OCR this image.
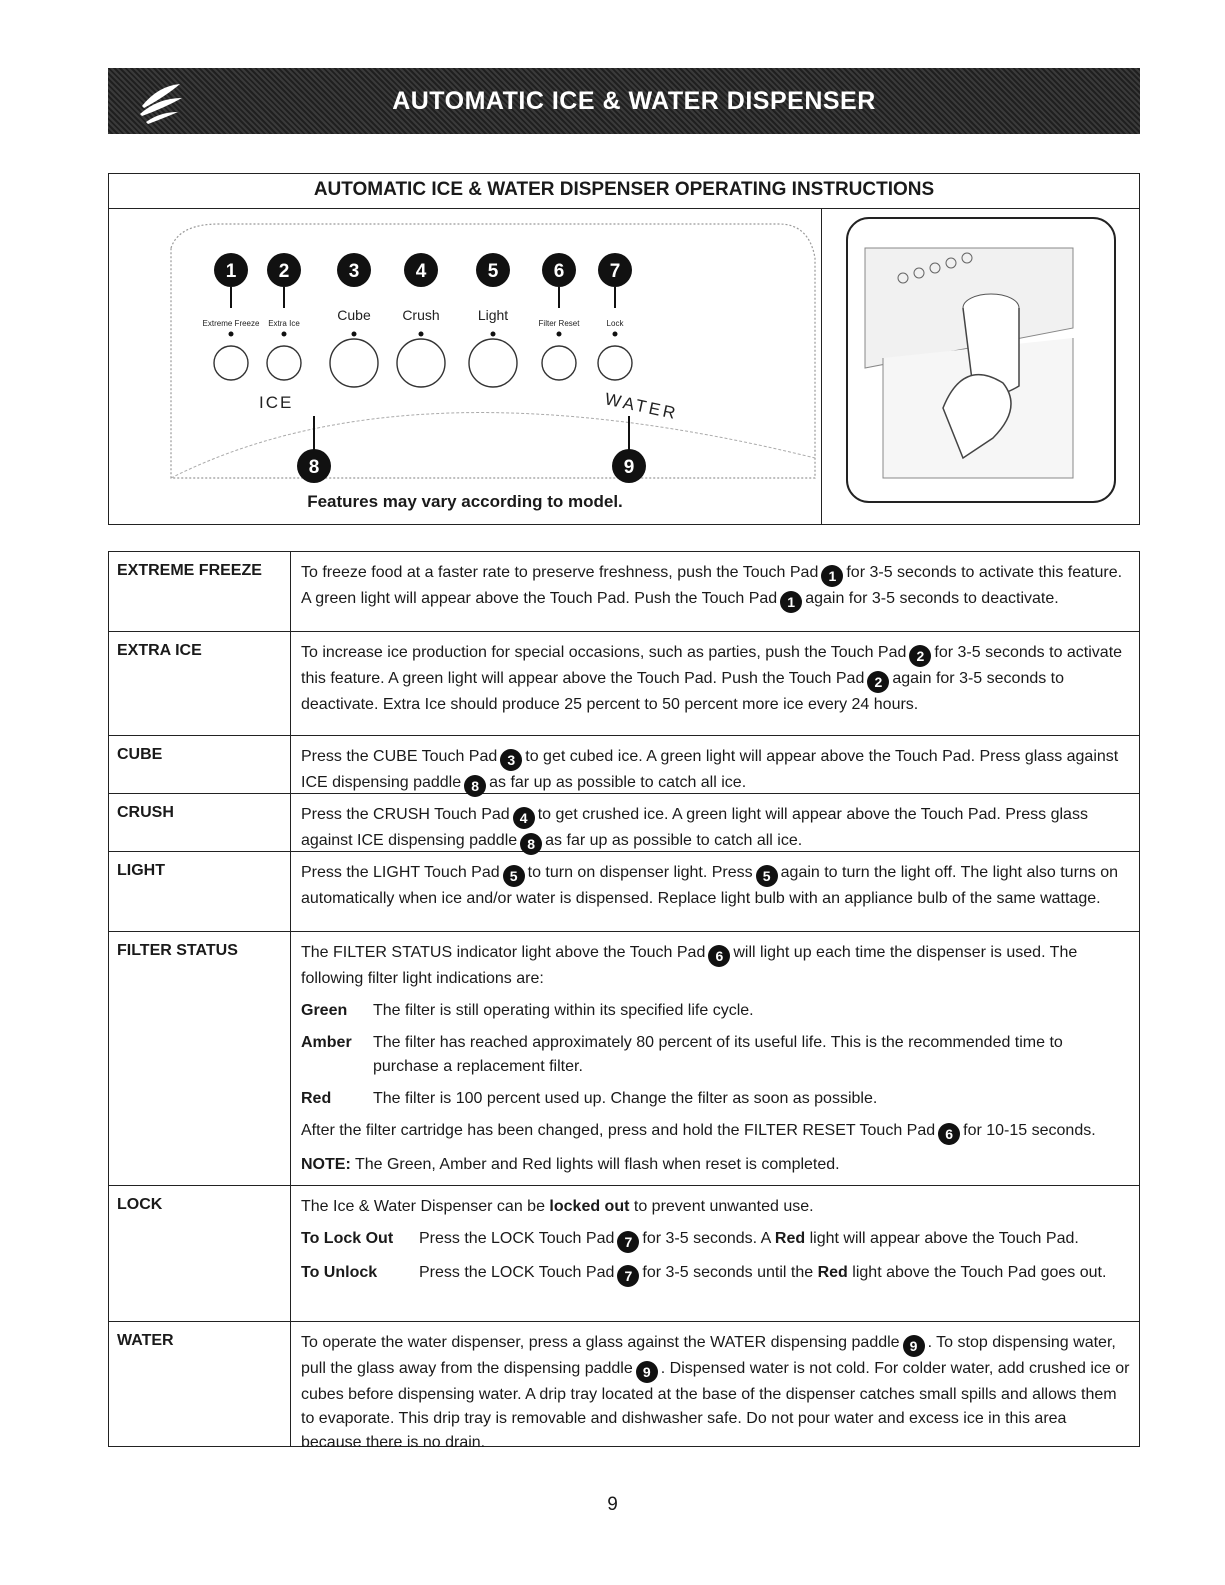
AUTOMATIC ICE & WATER DISPENSER
AUTOMATIC ICE & WATER DISPENSER OPERATING INSTRUCTIONS
1
Extreme Freeze
2
Extra Ice
3
Cube
4
Crush
5
Light
6
Filter Reset
7
Lock
ICE	WATER
8	9
Features may vary according to model.
EXTREME FREEZE	To freeze food at a faster rate to preserve freshness, push the Touch Pad 1 for 3-5 seconds to activate this feature. A green light will appear above the Touch Pad. Push the Touch Pad 1 again for 3-5 seconds to deactivate.
EXTRA ICE	To increase ice production for special occasions, such as parties, push the Touch Pad 2 for 3-5 seconds to activate this feature. A green light will appear above the Touch Pad. Push the Touch Pad 2 again for 3-5 seconds to deactivate. Extra Ice should produce 25 percent to 50 percent more ice every 24 hours.
CUBE	Press the CUBE Touch Pad 3 to get cubed ice. A green light will appear above the Touch Pad. Press glass against ICE dispensing paddle 8 as far up as possible to catch all ice.
CRUSH	Press the CRUSH Touch Pad 4 to get crushed ice. A green light will appear above the Touch Pad. Press glass against ICE dispensing paddle 8 as far up as possible to catch all ice.
LIGHT	Press the LIGHT Touch Pad 5 to turn on dispenser light. Press 5 again to turn the light off. The light also turns on automatically when ice and/or water is dispensed. Replace light bulb with an appliance bulb of the same wattage.
FILTER STATUS	The FILTER STATUS indicator light above the Touch Pad 6 will light up each time the dispenser is used. The following filter light indications are:

Green	The filter is still operating within its specified life cycle.
Amber	The filter has reached approximately 80 percent of its useful life. This is the recommended time to purchase a replacement filter.
Red	The filter is 100 percent used up. Change the filter as soon as possible.

After the filter cartridge has been changed, press and hold the FILTER RESET Touch Pad 6 for 10-15 seconds.

NOTE: The Green, Amber and Red lights will flash when reset is completed.

LOCK	The Ice & Water Dispenser can be locked out to prevent unwanted use.

To Lock Out	Press the LOCK Touch Pad 7 for 3-5 seconds. A Red light will appear above the Touch Pad.
To Unlock	Press the LOCK Touch Pad 7 for 3-5 seconds until the Red light above the Touch Pad goes out.
WATER	To operate the water dispenser, press a glass against the WATER dispensing paddle 9 . To stop dispensing water, pull the glass away from the dispensing paddle 9 . Dispensed water is not cold. For colder water, add crushed ice or cubes before dispensing water. A drip tray located at the base of the dispenser catches small spills and allows them to evaporate. This drip tray is removable and dishwasher safe. Do not pour water and excess ice in this area because there is no drain.
9
